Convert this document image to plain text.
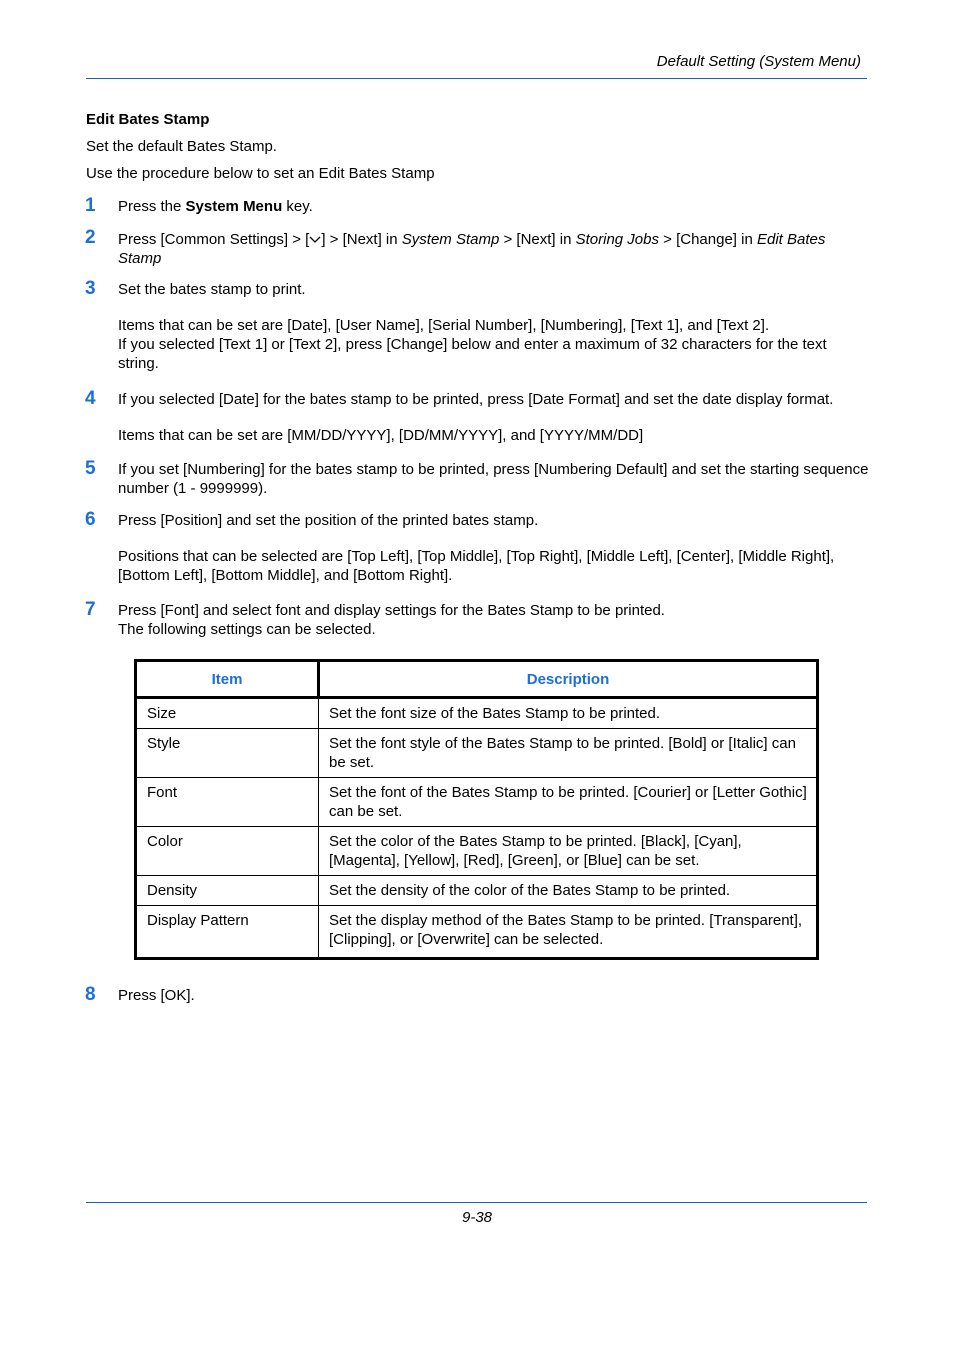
Default Setting (System Menu)
Edit Bates Stamp
Set the default Bates Stamp.
Use the procedure below to set an Edit Bates Stamp
1 Press the System Menu key.
2 Press [Common Settings] > [ ] > [Next] in System Stamp > [Next] in Storing Jobs > [Change] in Edit Bates Stamp
3 Set the bates stamp to print.
Items that can be set are [Date], [User Name], [Serial Number], [Numbering], [Text 1], and [Text 2].
If you selected [Text 1] or [Text 2], press [Change] below and enter a maximum of 32 characters for the text string.
4 If you selected [Date] for the bates stamp to be printed, press [Date Format] and set the date display format.
Items that can be set are [MM/DD/YYYY], [DD/MM/YYYY], and [YYYY/MM/DD]
5 If you set [Numbering] for the bates stamp to be printed, press [Numbering Default] and set the starting sequence number (1 - 9999999).
6 Press [Position] and set the position of the printed bates stamp.
Positions that can be selected are [Top Left], [Top Middle], [Top Right], [Middle Left], [Center], [Middle Right], [Bottom Left], [Bottom Middle], and [Bottom Right].
7 Press [Font] and select font and display settings for the Bates Stamp to be printed.
The following settings can be selected.
Item	Description
Size	Set the font size of the Bates Stamp to be printed.
Style	Set the font style of the Bates Stamp to be printed. [Bold] or [Italic] can be set.
Font	Set the font of the Bates Stamp to be printed. [Courier] or [Letter Gothic] can be set.
Color	Set the color of the Bates Stamp to be printed. [Black], [Cyan], [Magenta], [Yellow], [Red], [Green], or [Blue] can be set.
Density	Set the density of the color of the Bates Stamp to be printed.
Display Pattern	Set the display method of the Bates Stamp to be printed. [Transparent], [Clipping], or [Overwrite] can be selected.
8 Press [OK].
9-38
